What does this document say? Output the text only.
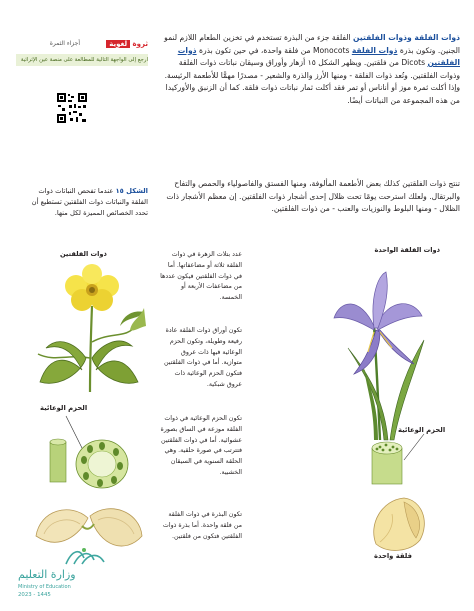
ذوات الفلقة وذوات الفلقتين الفلقة جزء من البذرة تستخدم في تخزين الطعام اللازم لنمو الجنين. وتكون بذرة ذوات الفلقة Monocots من فلقة واحدة، في حين تكون بذرة ذوات الفلقتين Dicots من فلقتين. ويظهر الشكل ١٥ أزهار وأوراق وسيقان نباتات ذوات الفلقة وذوات الفلقتين. وتُعد ذوات الفلقة - ومنها الأرز والذرة والشعير - مصدرًا مهمًّا للأطعمة الرئيسة. وإذا أكلت ثمرة موز أو أناناس أو تمر فقد أكلت ثمار نباتات ذوات فلقة. كما أن الزنبق والأوركيدا من هذه المجموعة من النباتات أيضًا.
تنتج ذوات الفلقتين كذلك بعض الأطعمة المألوفة، ومنها الفستق والفاصولياء والحمص والتفاح والبرتقال. ولعلك استرحت يومًا تحت ظلال إحدى أشجار ذوات الفلقتين. إن معظم الأشجار ذات الظلال - ومنها البلوط والنوزيات والعنب - من ذوات الفلقتين.
ثروة لغوية
أجزاء الثمرة
ارجع إلى الواجهة التالية للمطالعة على منصة عين الإثرائية
الشكل ١٥ عندما تفحص النباتات ذوات الفلقة والنباتات ذوات الفلقتين تستطيع أن تحدد الخصائص المميزة لكل منها.
ذوات الفلقتين	ذوات الفلقة الواحدة
عدد بتلات الزهرة في ذوات الفلقة ثلاثة أو مضاعفاتها. أما في ذوات الفلقتين فيكون عددها من مضاعفات الأربعة أو الخمسة.
تكون أوراق ذوات الفلقة عادة رفيعة وطويلة، وتكون الحزم الوعائية فيها ذات عروق متوازية. أما في ذوات الفلقتين فتكون الحزم الوعائية ذات عروق شبكية.
تكون الحزم الوعائية في ذوات الفلقة موزعة في الساق بصورة عشوائية. أما في ذوات الفلقتين فتترتب في صورة حلقية. وهي الحلقة السنوية في السيقان الخشبية.
تكون البذرة في ذوات الفلقة من فلقة واحدة. أما بذرة ذوات الفلقتين فتكون من فلقتين.
الحزم الوعائية
الحزم الوعائية
فلقة واحدة
وزارة التعليم
Ministry of Education
2023 - 1445
